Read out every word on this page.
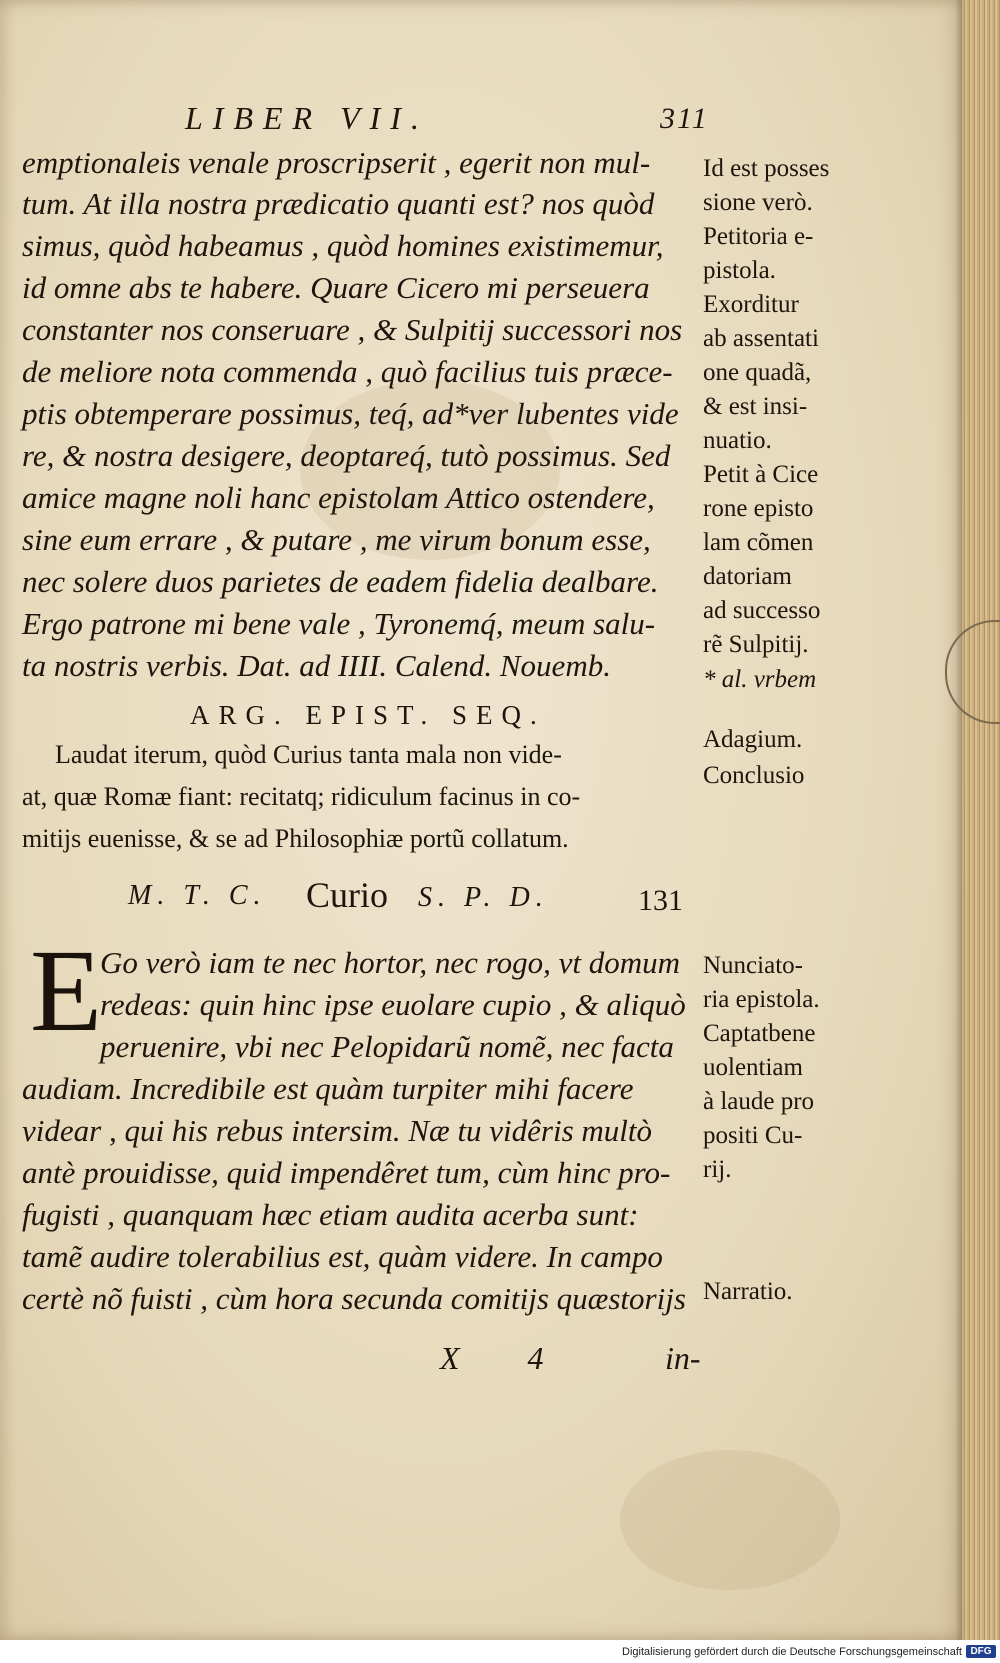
LIBER VII.	311
emptionaleis venale proscripserit , egerit non mul-
tum. At illa nostra prædicatio quanti est? nos quòd
simus, quòd habeamus , quòd homines existimemur,
id omne abs te habere. Quare Cicero mi perseuera
constanter nos conseruare , & Sulpitij successori nos
de meliore nota commenda , quò facilius tuis præce-
ptis obtemperare possimus, teq́, ad*ver lubentes vide
re, & nostra desigere, deoptareq́, tutò possimus. Sed
amice magne noli hanc epistolam Attico ostendere,
sine eum errare , & putare , me virum bonum esse,
nec solere duos parietes de eadem fidelia dealbare.
Ergo patrone mi bene vale , Tyronemq́, meum salu-
ta nostris verbis. Dat. ad IIII. Calend. Nouemb.
Id est posses
sione verò.
Petitoria e-
pistola.
Exorditur
ab assentati
one quadã,
& est insi-
nuatio.
Petit à Cice
rone episto
lam cõmen
datoriam
ad successo
rẽ Sulpitij.
* al. vrbem
Adagium.
Conclusio
ARG. EPIST. SEQ.
Laudat iterum, quòd Curius tanta mala non vide-
at, quæ Romæ fiant: recitatq; ridiculum facinus in co-
mitijs euenisse, & se ad Philosophiæ portũ collatum.
M. T. C. Curio S. P. D.	131
E
Go verò iam te nec hortor, nec rogo, vt domum
redeas: quin hinc ipse euolare cupio , & aliquò
peruenire, vbi nec Pelopidarũ nomẽ, nec facta
audiam. Incredibile est quàm turpiter mihi facere
videar , qui his rebus intersim. Næ tu vidêris multò
antè prouidisse, quid impendêret tum, cùm hinc pro-
fugisti , quanquam hæc etiam audita acerba sunt:
tamẽ audire tolerabilius est, quàm videre. In campo
certè nõ fuisti , cùm hora secunda comitijs quæstorijs
Nunciato-
ria epistola.
Captatbene
uolentiam
à laude pro
positi Cu-
rij.
Narratio.
X 4	in-
Digitalisierung gefördert durch die Deutsche Forschungsgemeinschaft DFG
